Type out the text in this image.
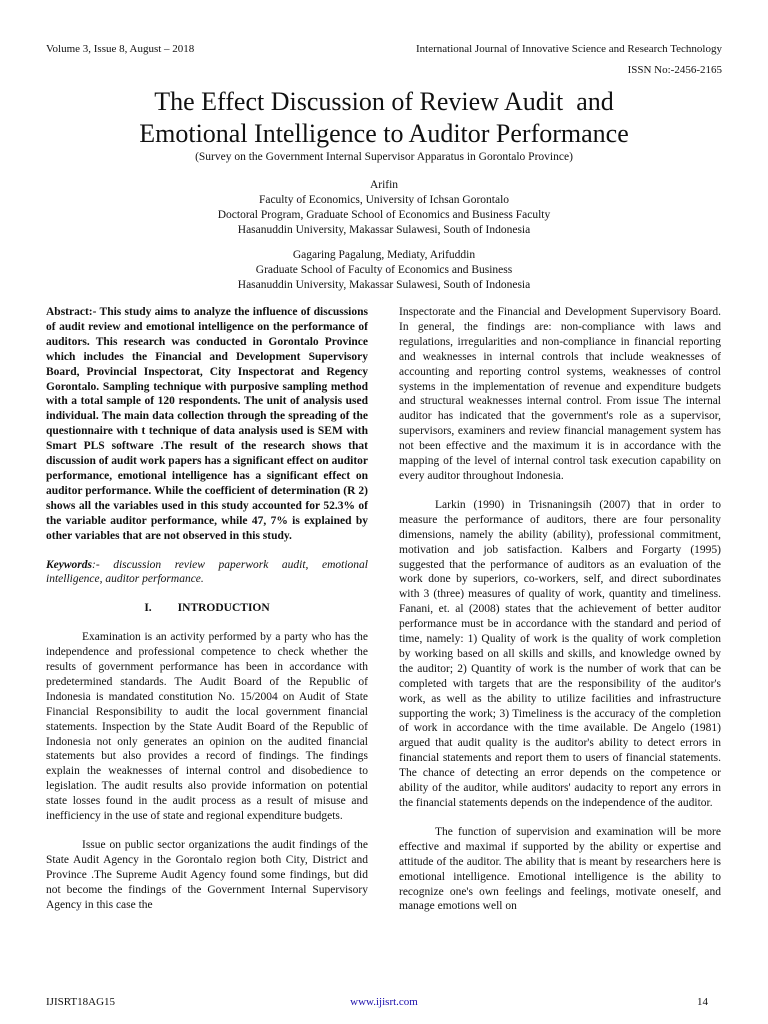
Volume 3, Issue 8, August – 2018	International Journal of Innovative Science and Research Technology
ISSN No:-2456-2165
The Effect Discussion of Review Audit  and
Emotional Intelligence to Auditor Performance
(Survey on the Government Internal Supervisor Apparatus in Gorontalo Province)
Arifin
Faculty of Economics, University of Ichsan Gorontalo
Doctoral Program, Graduate School of Economics and Business Faculty
Hasanuddin University, Makassar Sulawesi, South of Indonesia
Gagaring Pagalung, Mediaty, Arifuddin
Graduate School of Faculty of Economics and Business
Hasanuddin University, Makassar Sulawesi, South of Indonesia

Abstract:- This study aims to analyze the influence of discussions of audit review and emotional intelligence on the performance of auditors. This research was conducted in Gorontalo Province which includes the Financial and Development Supervisory Board, Provincial Inspectorat, City Inspectorat and Regency Gorontalo. Sampling technique with purposive sampling method with a total sample of 120 respondents. The unit of analysis used individual. The main data collection through the spreading of the questionnaire with t technique of data analysis used is SEM with Smart PLS software .The result of the research shows that discussion of audit work papers has a significant effect on auditor performance, emotional intelligence has a significant effect on auditor performance. While the coefficient of determination (R 2) shows all the variables used in this study accounted for 52.3% of the variable auditor performance, while 47, 7% is explained by other variables that are not observed in this study.

Keywords:- discussion review paperwork audit, emotional intelligence, auditor performance.

I. INTRODUCTION

Examination is an activity performed by a party who has the independence and professional competence to check whether the results of government performance has been in accordance with predetermined standards. The Audit Board of the Republic of Indonesia is mandated constitution No. 15/2004 on Audit of State Financial Responsibility to audit the local government financial statements. Inspection by the State Audit Board of the Republic of Indonesia not only generates an opinion on the audited financial statements but also provides a record of findings. The findings explain the weaknesses of internal control and disobedience to legislation. The audit results also provide information on potential state losses found in the audit process as a result of misuse and inefficiency in the use of state and regional expenditure budgets.

Issue on public sector organizations the audit findings of the State Audit Agency in the Gorontalo region both City, District and Province .The Supreme Audit Agency found some findings, but did not become the findings of the Government Internal Supervisory Agency in this case the

Inspectorate and the Financial and Development Supervisory Board. In general, the findings are: non-compliance with laws and regulations, irregularities and non-compliance in financial reporting and weaknesses in internal controls that include weaknesses of accounting and reporting control systems, weaknesses of control systems in the implementation of revenue and expenditure budgets and structural weaknesses internal control. From issue The internal auditor has indicated that the government's role as a supervisor, supervisors, examiners and review financial management system has not been effective and the maximum it is in accordance with the mapping of the level of internal control task execution capability on every auditor throughout Indonesia.

Larkin (1990) in Trisnaningsih (2007) that in order to measure the performance of auditors, there are four personality dimensions, namely the ability (ability), professional commitment, motivation and job satisfaction. Kalbers and Forgarty (1995) suggested that the performance of auditors as an evaluation of the work done by superiors, co-workers, self, and direct subordinates with 3 (three) measures of quality of work, quantity and timeliness. Fanani, et. al (2008) states that the achievement of better auditor performance must be in accordance with the standard and period of time, namely: 1) Quality of work is the quality of work completion by working based on all skills and skills, and knowledge owned by the auditor; 2) Quantity of work is the number of work that can be completed with targets that are the responsibility of the auditor's work, as well as the ability to utilize facilities and infrastructure supporting the work; 3) Timeliness is the accuracy of the completion of work in accordance with the time available. De Angelo (1981) argued that audit quality is the auditor's ability to detect errors in financial statements and report them to users of financial statements. The chance of detecting an error depends on the competence or ability of the auditor, while auditors' audacity to report any errors in the financial statements depends on the independence of the auditor.

The function of supervision and examination will be more effective and maximal if supported by the ability or expertise and attitude of the auditor. The ability that is meant by researchers here is emotional intelligence. Emotional intelligence is the ability to recognize one's own feelings and feelings, motivate oneself, and manage emotions well on

IJISRT18AG15	www.ijisrt.com	14
